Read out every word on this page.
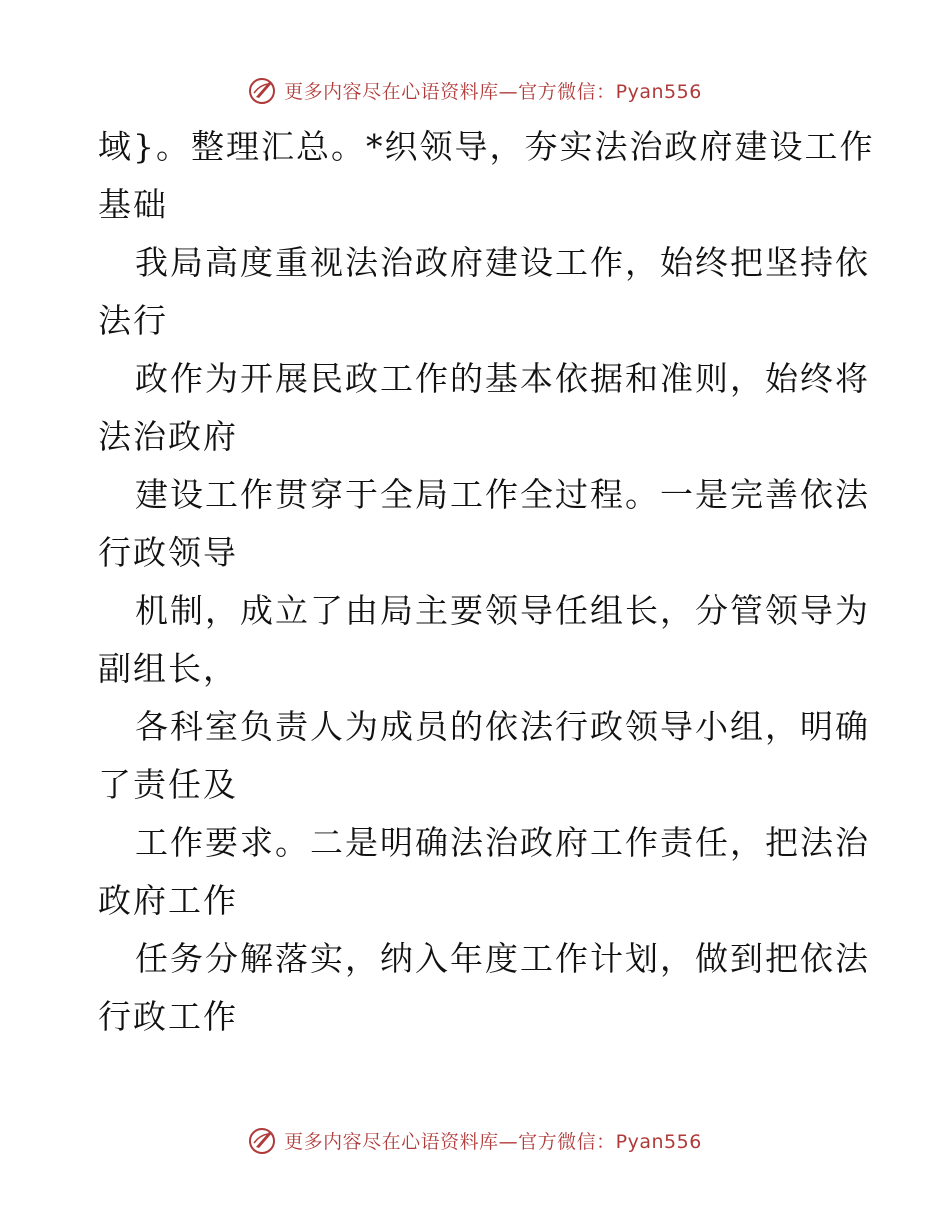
更多内容尽在心语资料库—官方微信：Pyan556
域}。整理汇总。*织领导，夯实法治政府建设工作
基础
我局高度重视法治政府建设工作，始终把坚持依
法行
政作为开展民政工作的基本依据和准则，始终将
法治政府
建设工作贯穿于全局工作全过程。一是完善依法
行政领导
机制，成立了由局主要领导任组长，分管领导为
副组长，
各科室负责人为成员的依法行政领导小组，明确
了责任及
工作要求。二是明确法治政府工作责任，把法治
政府工作
任务分解落实，纳入年度工作计划，做到把依法
行政工作
更多内容尽在心语资料库—官方微信：Pyan556
